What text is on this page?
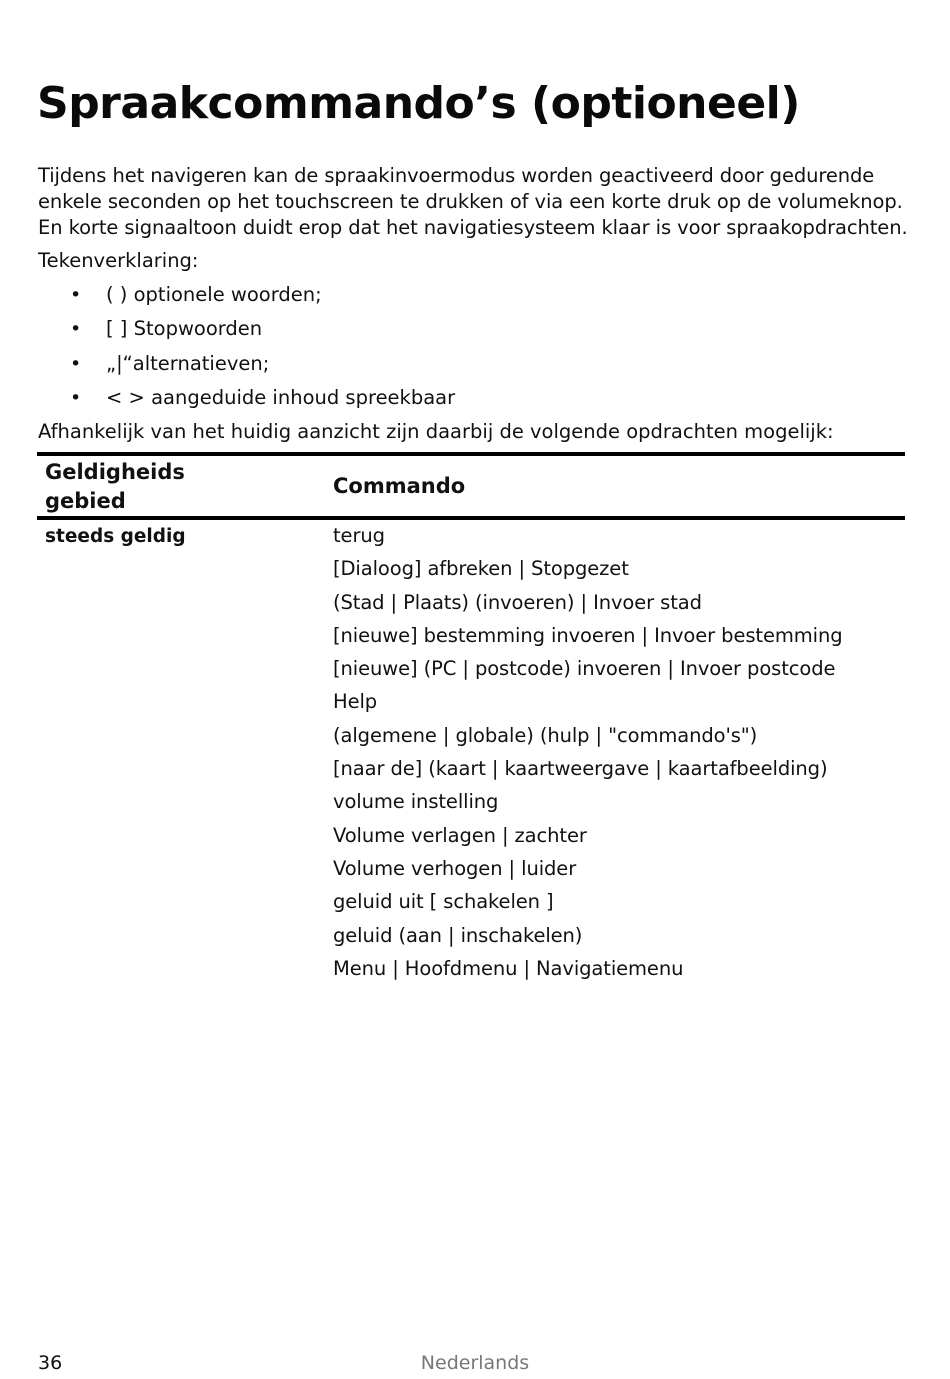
Spraakcommando’s (optioneel)

Tijdens het navigeren kan de spraakinvoermodus worden geactiveerd door gedurende enkele seconden op het touchscreen te drukken of via een korte druk op de volumeknop. En korte signaaltoon duidt erop dat het navigatiesysteem klaar is voor spraakopdrachten.

Tekenverklaring:

• ( ) optionele woorden;
• [ ] Stopwoorden
• „|“alternatieven;
• < > aangeduide inhoud spreekbaar

Afhankelijk van het huidig aanzicht zijn daarbij de volgende opdrachten mogelijk:

Geldigheids gebied
Commando
steeds geldig	terug
[Dialoog] afbreken | Stopgezet
(Stad | Plaats) (invoeren) | Invoer stad
[nieuwe] bestemming invoeren | Invoer bestemming
[nieuwe] (PC | postcode) invoeren | Invoer postcode
Help
(algemene | globale) (hulp | "commando's")
[naar de] (kaart | kaartweergave | kaartafbeelding)
volume instelling
Volume verlagen | zachter
Volume verhogen | luider
geluid uit [ schakelen ]
geluid (aan | inschakelen)
Menu | Hoofdmenu | Navigatiemenu
36	Nederlands
